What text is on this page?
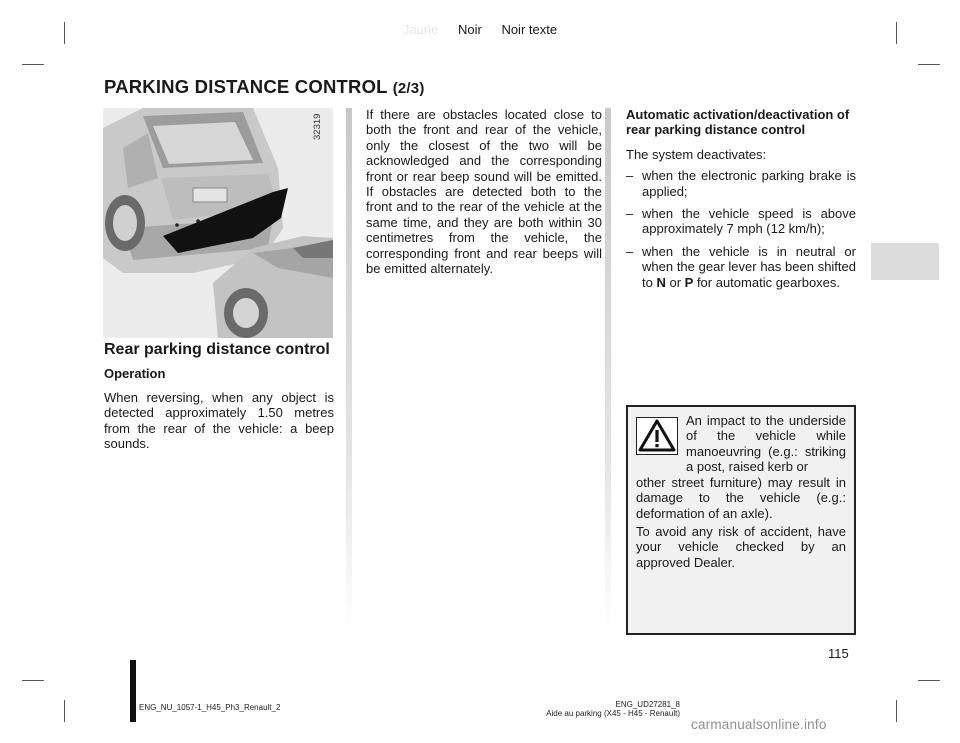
Jaune Noir Noir texte
PARKING DISTANCE CONTROL (2/3)
32319
Rear parking distance control
Operation
When reversing, when any object is detected approximately 1.50 metres from the rear of the vehicle: a beep sounds.
If there are obstacles located close to both the front and rear of the vehicle, only the closest of the two will be acknowledged and the corresponding front or rear beep sound will be emitted. If obstacles are detected both to the front and to the rear of the vehicle at the same time, and they are both within 30 centimetres from the vehicle, the corresponding front and rear beeps will be emitted alternately.

Automatic activation/deactivation of rear parking distance control

The system deactivates:

– when the electronic parking brake is applied;
– when the vehicle speed is above approximately 7 mph (12 km/h);
– when the vehicle is in neutral or when the gear lever has been shifted to N or P for automatic gearboxes.
An impact to the underside of the vehicle while manoeuvring (e.g.: striking a post, raised kerb or
other street furniture) may result in damage to the vehicle (e.g.: deformation of an axle).
To avoid any risk of accident, have your vehicle checked by an approved Dealer.
115
ENG_NU_1057-1_H45_Ph3_Renault_2	ENG_UD27281_8
Aide au parking (X45 - H45 - Renault)
carmanualsonline.info
